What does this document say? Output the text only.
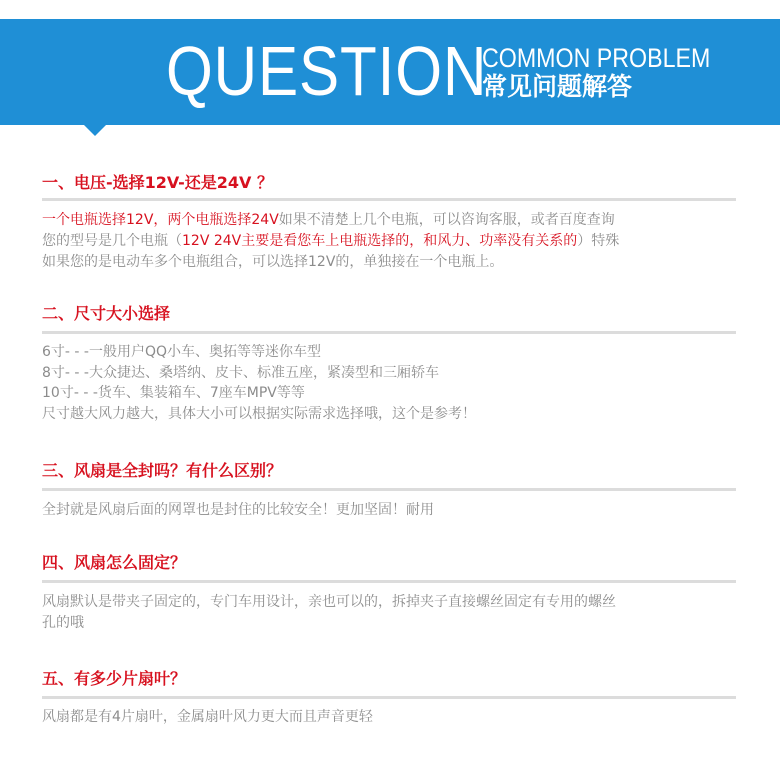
QUESTION
COMMON PROBLEM
常见问题解答
一、电压-选择12V-还是24V ？

一个电瓶选择12V，两个电瓶选择24V如果不清楚上几个电瓶，可以咨询客服，或者百度查询

您的型号是几个电瓶（12V 24V主要是看您车上电瓶选择的，和风力、功率没有关系的）特殊

如果您的是电动车多个电瓶组合，可以选择12V的，单独接在一个电瓶上。

二、尺寸大小选择

6寸- - -一般用户QQ小车、奥拓等等迷你车型

8寸- - -大众捷达、桑塔纳、皮卡、标准五座，紧凑型和三厢轿车

10寸- - -货车、集装箱车、7座车MPV等等

尺寸越大风力越大，具体大小可以根据实际需求选择哦，这个是参考！

三、风扇是全封吗？有什么区别？

全封就是风扇后面的网罩也是封住的比较安全！更加坚固！耐用

四、风扇怎么固定？

风扇默认是带夹子固定的，专门车用设计，亲也可以的，拆掉夹子直接螺丝固定有专用的螺丝

孔的哦

五、有多少片扇叶？

风扇都是有4片扇叶，金属扇叶风力更大而且声音更轻
